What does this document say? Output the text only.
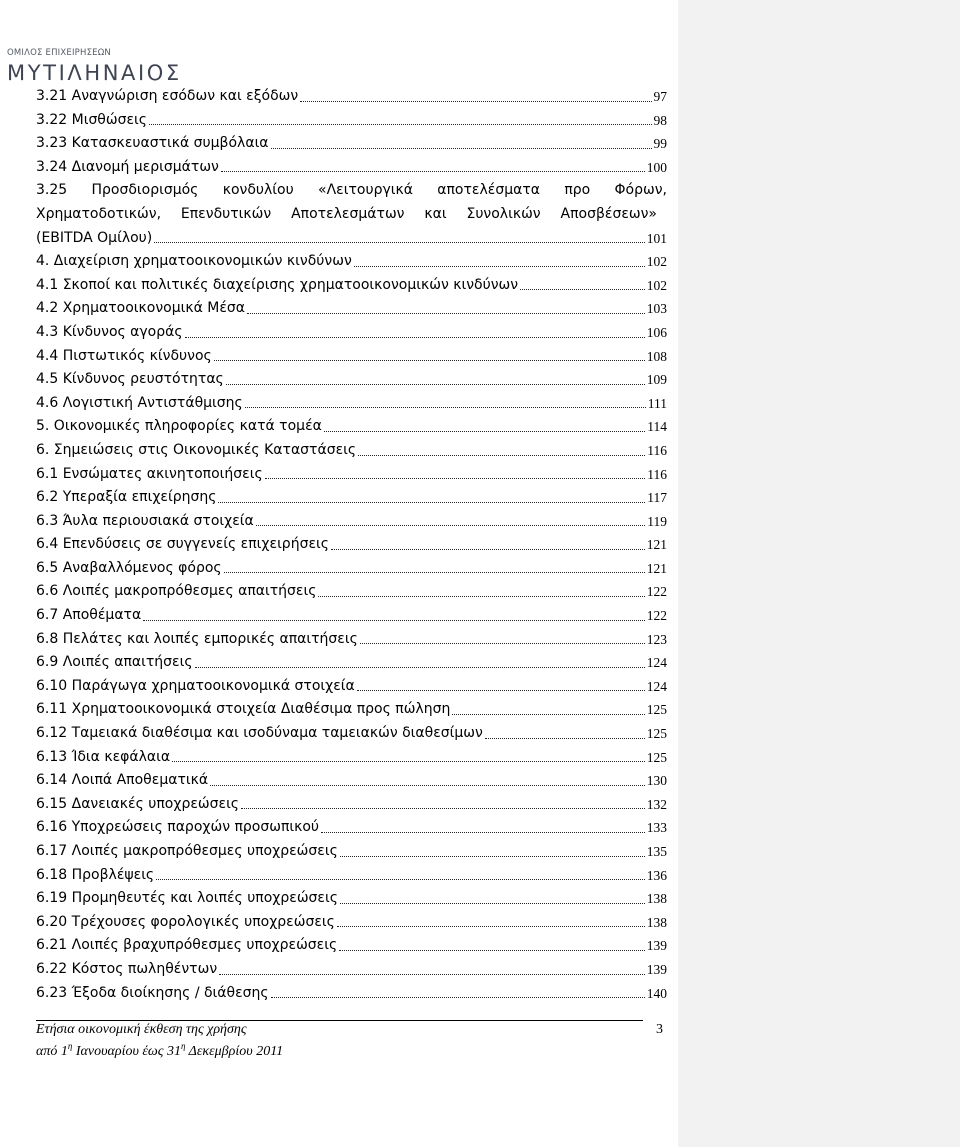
ΟΜΙΛΟΣ ΕΠΙΧΕΙΡΗΣΕΩΝ
ΜΥΤΙΛΗΝΑΙΟΣ
3.21 Αναγνώριση εσόδων και εξόδων	97
3.22 Μισθώσεις	98
3.23 Κατασκευαστικά συμβόλαια	99
3.24 Διανομή μερισμάτων	100
3.25 Προσδιορισμός κονδυλίου «Λειτουργικά αποτελέσματα προ Φόρων,
Χρηματοδοτικών, Επενδυτικών Αποτελεσμάτων και Συνολικών Αποσβέσεων»
(EBITDA Ομίλου)	101
4. Διαχείριση χρηματοοικονομικών κινδύνων	102
4.1 Σκοποί και πολιτικές διαχείρισης χρηματοοικονομικών κινδύνων	102
4.2 Χρηματοοικονομικά Μέσα	103
4.3 Κίνδυνος αγοράς	106
4.4 Πιστωτικός κίνδυνος	108
4.5 Κίνδυνος ρευστότητας	109
4.6 Λογιστική Αντιστάθμισης	111
5. Οικονομικές πληροφορίες κατά τομέα	114
6. Σημειώσεις στις Οικονομικές Καταστάσεις	116
6.1 Ενσώματες ακινητοποιήσεις	116
6.2 Υπεραξία επιχείρησης	117
6.3 Άυλα περιουσιακά στοιχεία	119
6.4 Επενδύσεις σε συγγενείς επιχειρήσεις	121
6.5 Αναβαλλόμενος φόρος	121
6.6 Λοιπές μακροπρόθεσμες απαιτήσεις	122
6.7 Αποθέματα	122
6.8 Πελάτες και λοιπές εμπορικές απαιτήσεις	123
6.9 Λοιπές απαιτήσεις	124
6.10 Παράγωγα χρηματοοικονομικά στοιχεία	124
6.11 Χρηματοοικονομικά στοιχεία Διαθέσιμα προς πώληση	125
6.12 Ταμειακά διαθέσιμα και ισοδύναμα ταμειακών διαθεσίμων	125
6.13 Ίδια κεφάλαια	125
6.14 Λοιπά Αποθεματικά	130
6.15 Δανειακές υποχρεώσεις	132
6.16 Υποχρεώσεις παροχών προσωπικού	133
6.17 Λοιπές μακροπρόθεσμες υποχρεώσεις	135
6.18 Προβλέψεις	136
6.19 Προμηθευτές και λοιπές υποχρεώσεις	138
6.20 Τρέχουσες φορολογικές υποχρεώσεις	138
6.21 Λοιπές βραχυπρόθεσμες υποχρεώσεις	139
6.22 Κόστος πωληθέντων	139
6.23 Έξοδα διοίκησης / διάθεσης	140
Ετήσια οικονομική έκθεση της χρήσης	3
από $1^\eta$ Ιανουαρίου έως $31^\eta$ Δεκεμβρίου 2011
